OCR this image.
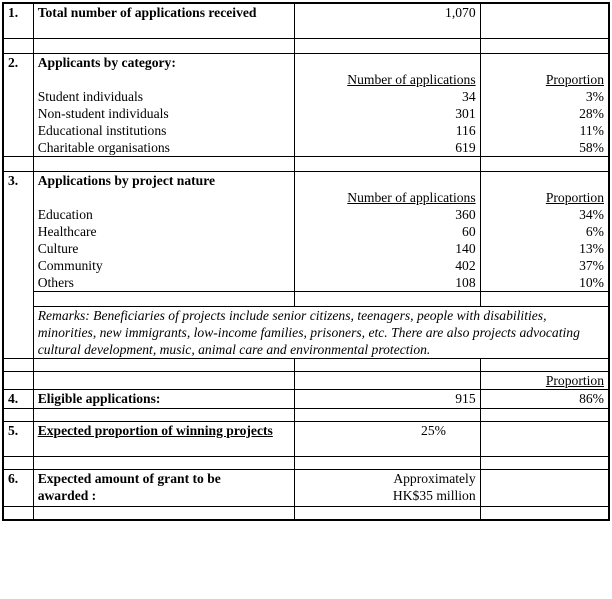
1.	Total number of applications received	1,070	

2.	Applicants by category:		
		Number of applications	Proportion
	Student individuals	34	3%
	Non-student individuals	301	28%
	Educational institutions	116	11%
	Charitable organisations	619	58%

3.	Applications by project nature		
		Number of applications	Proportion
	Education	360	34%
	Healthcare	60	6%
	Culture	140	13%
	Community	402	37%
	Others	108	10%

	Remarks: Beneficiaries of projects include senior citizens, teenagers, people with disabilities, minorities, new immigrants, low-income families, prisoners, etc. There are also projects advocating cultural development, music, animal care and environmental protection.		

			Proportion
4.	Eligible applications:	915	86%

5.	Expected proportion of winning projects	25%	

6.	Expected amount of grant to be awarded :	Approximately
HK$35 million	
